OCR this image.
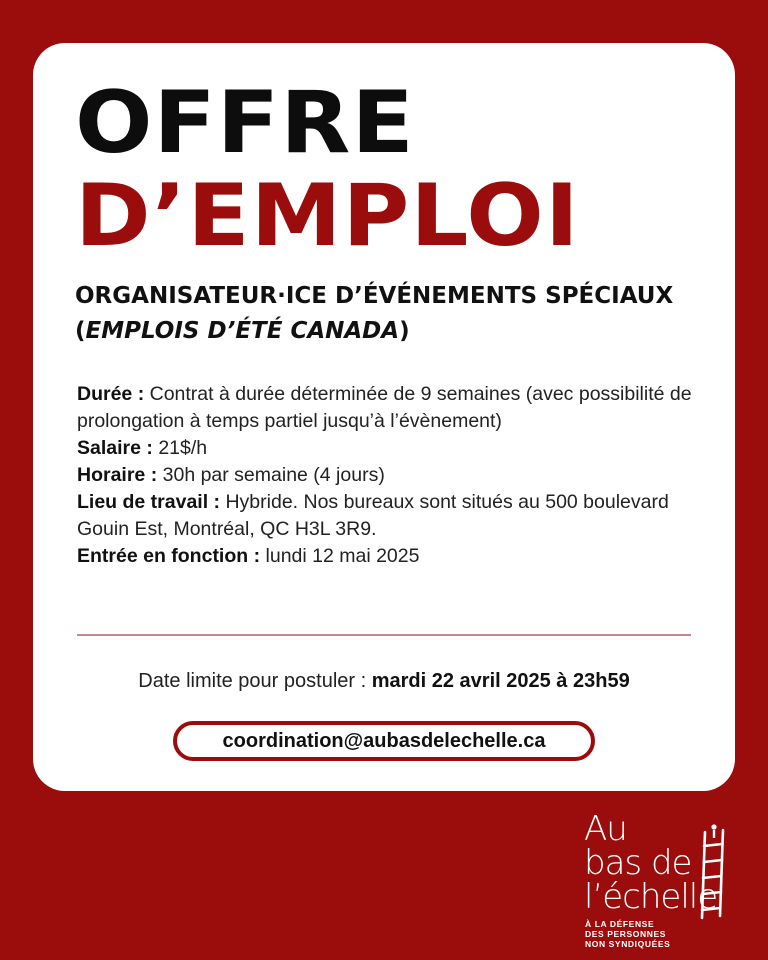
OFFRE
D’EMPLOI
ORGANISATEUR·ICE D’ÉVÉNEMENTS SPÉCIAUX (EMPLOIS D’ÉTÉ CANADA)

Durée : Contrat à durée déterminée de 9 semaines (avec possibilité de prolongation à temps partiel jusqu’à l’évènement)

Salaire : 21$/h

Horaire : 30h par semaine (4 jours)

Lieu de travail : Hybride. Nos bureaux sont situés au 500 boulevard Gouin Est, Montréal, QC H3L 3R9.

Entrée en fonction : lundi 12 mai 2025

Date limite pour postuler : mardi 22 avril 2025 à 23h59
coordination@aubasdelechelle.ca
Au
bas de
l’échelle
À LA DÉFENSE
DES PERSONNES
NON SYNDIQUÉES
